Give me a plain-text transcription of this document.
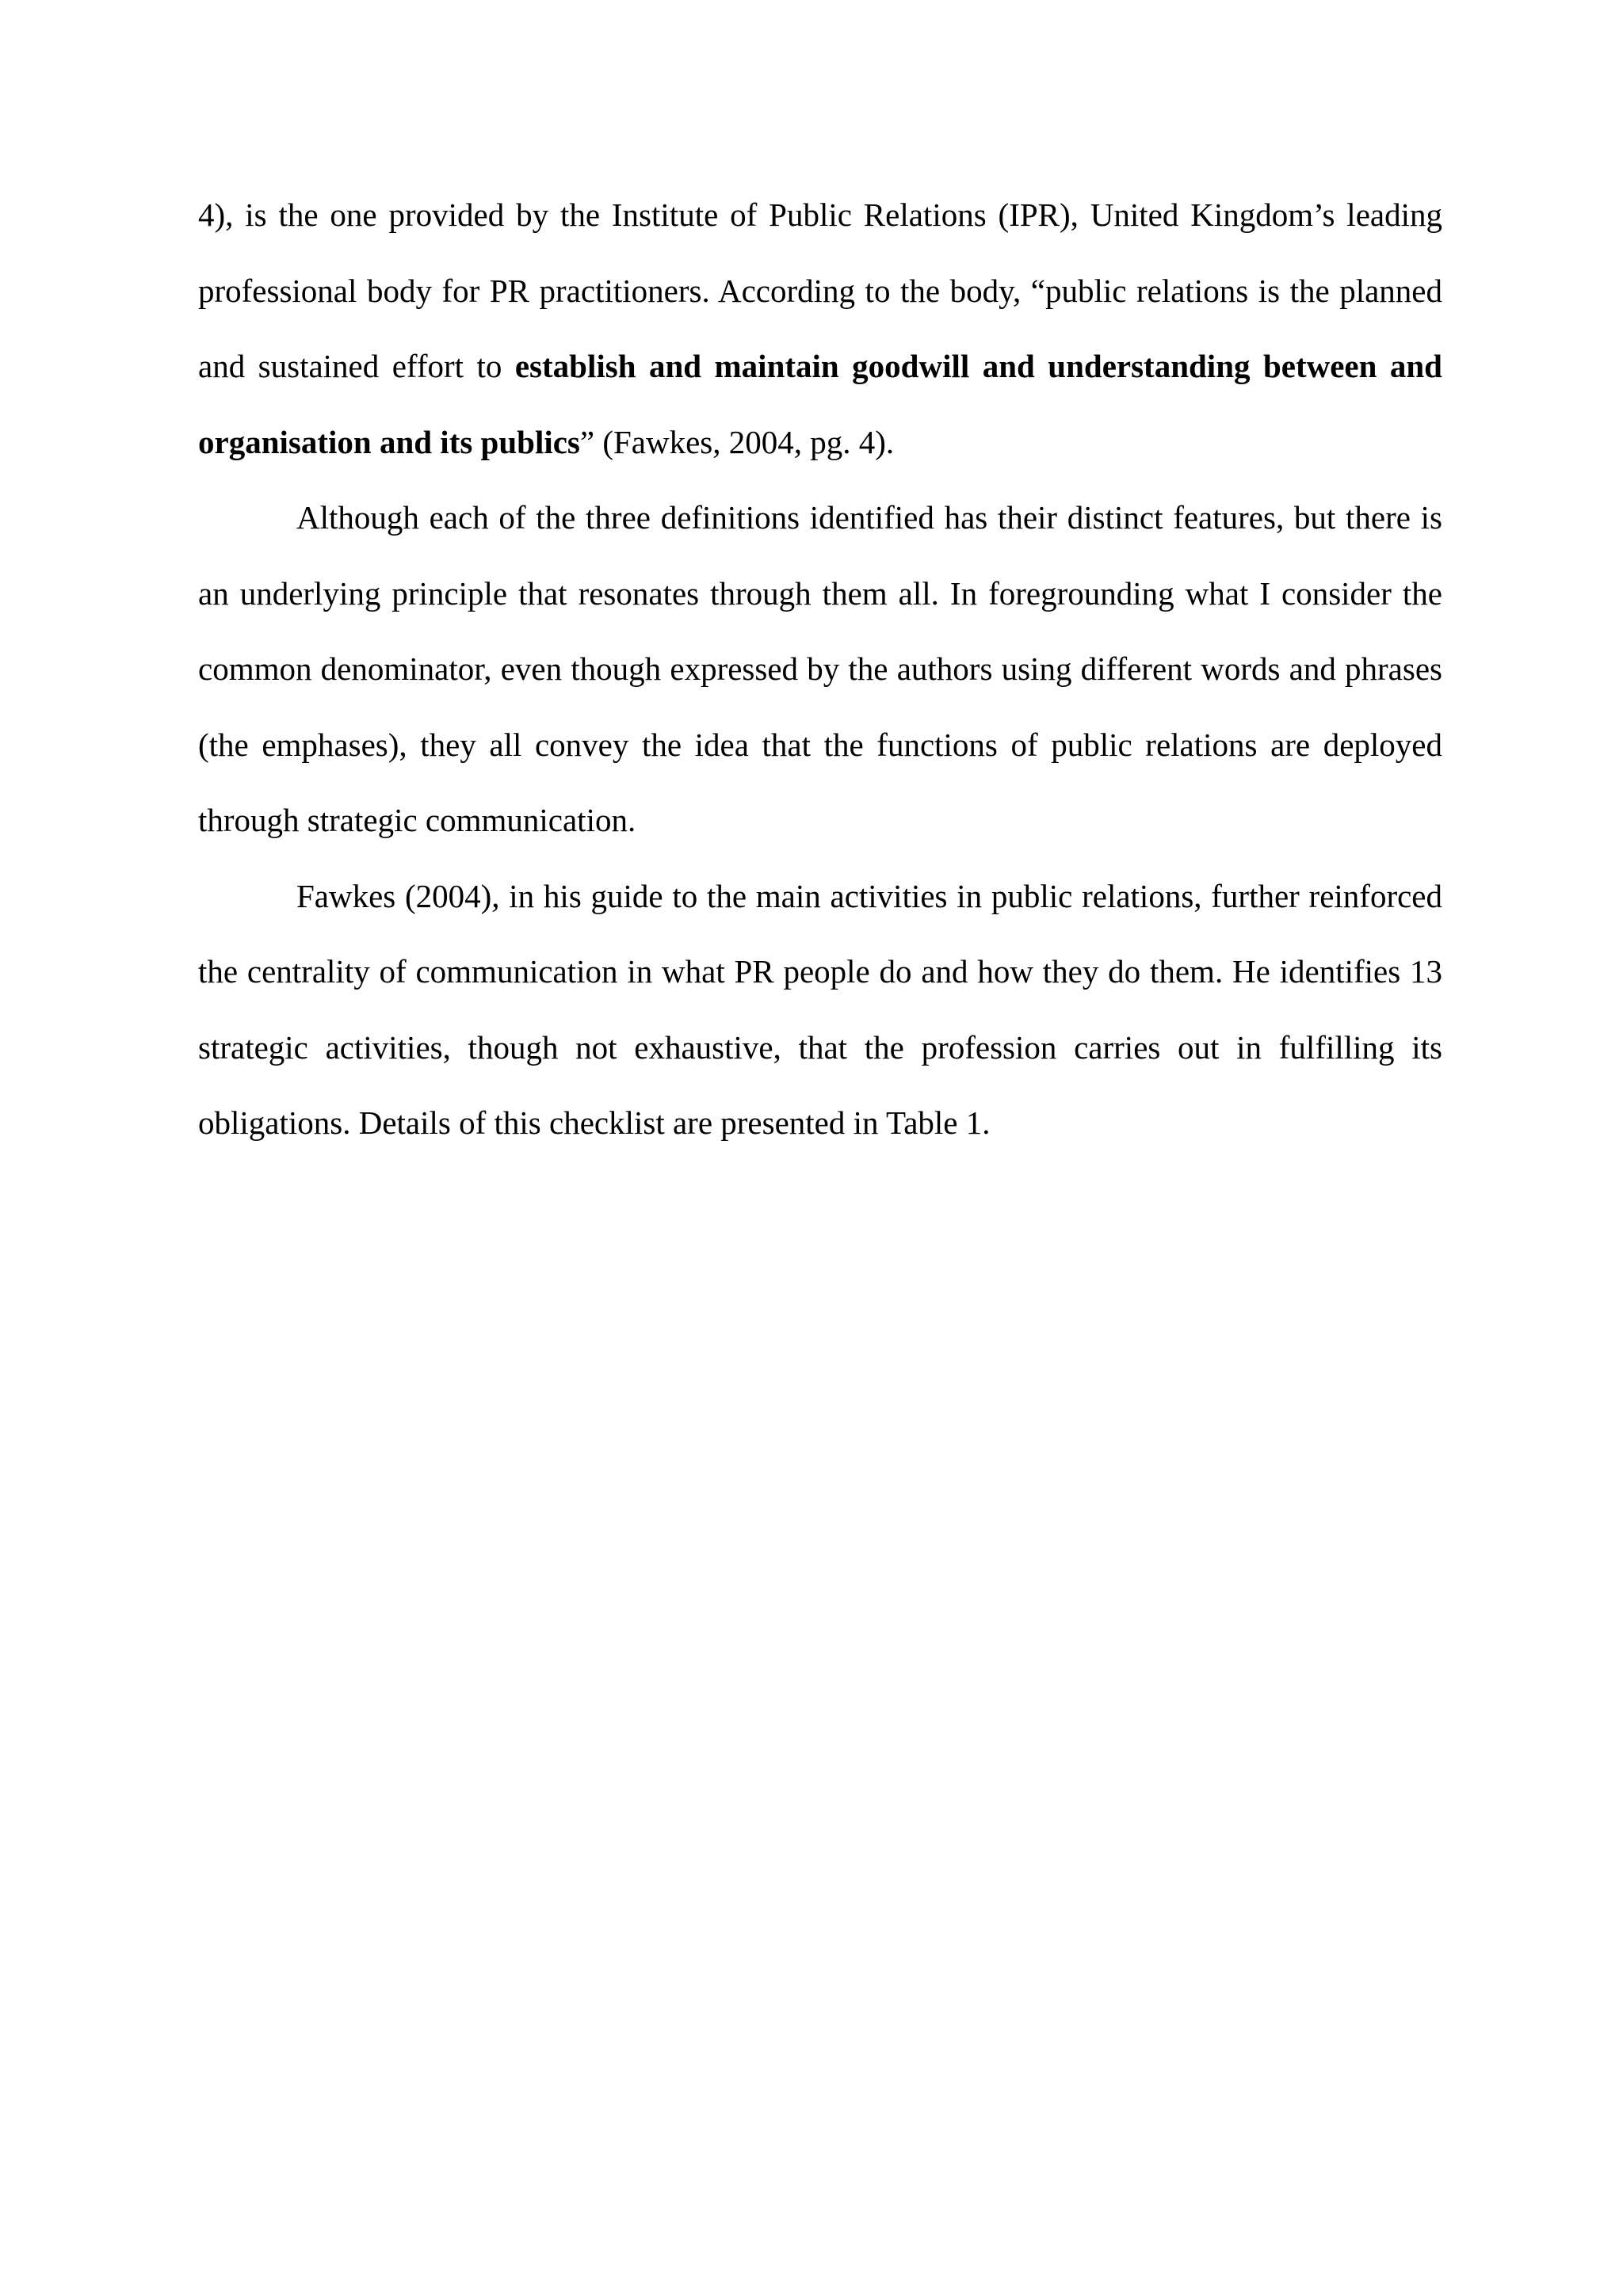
4), is the one provided by the Institute of Public Relations (IPR), United Kingdom’s leading professional body for PR practitioners. According to the body, “public relations is the planned and sustained effort to establish and maintain goodwill and understanding between and organisation and its publics” (Fawkes, 2004, pg. 4).

Although each of the three definitions identified has their distinct features, but there is an underlying principle that resonates through them all. In foregrounding what I consider the common denominator, even though expressed by the authors using different words and phrases (the emphases), they all convey the idea that the functions of public relations are deployed through strategic communication.

Fawkes (2004), in his guide to the main activities in public relations, further reinforced the centrality of communication in what PR people do and how they do them. He identifies 13 strategic activities, though not exhaustive, that the profession carries out in fulfilling its obligations. Details of this checklist are presented in Table 1.
